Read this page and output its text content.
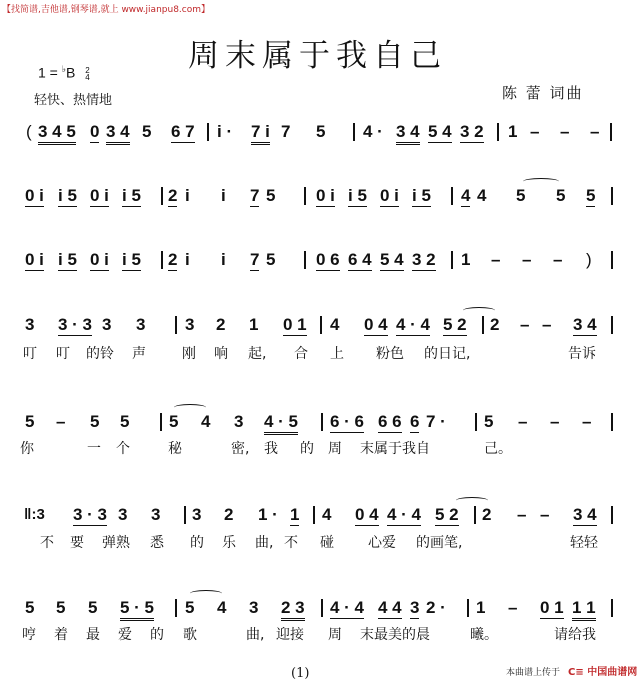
【找简谱,吉他谱,钢琴谱,就上 www.jianpu8.com】
周末属于我自己
1 = ♭B 2
4
轻快、热情地	陈 蕾 词曲
( 3 4 5 0 3 4 5 6 7 i · 7 i 7 5 4 · 3 4 5 4 3 2 1 – – –
0 i i 5 0 i i 5 2 i i 7 5 0 i i 5 0 i i 5 4 4 5 5 5
0 i i 5 0 i i 5 2 i i 7 5 0 6 6 4 5 4 3 2 1 – – – )
3 3 · 3 3 3 3 2 1 0 1 4 0 4 4 · 4 5 2 2 – – 3 4
叮 叮 的铃 声	刚 响 起, 合 上 粉色 的日记,	告诉
5 – 5 5 5 4 3 4 · 5 6 · 6 6 6 6 7 · 5 – – –
你	一 个	秘	密, 我 的 周 末属于我自	己。
‖:3 3 · 3 3 3 3 2 1 · 1 4 0 4 4 · 4 5 2 2 – – 3 4
不 要 弹熟 悉 的 乐 曲, 不 碰 心爱 的画笔,	轻轻
5 5 5 5 · 5 5 4 3 2 3 4 · 4 4 4 3 2 · 1 – 0 1 1 1
哼 着 最 爱 的 歌	曲, 迎接 周 末最美的晨	曦。	请给我
(1)	本曲谱上传于 C≡ 中国曲谱网
